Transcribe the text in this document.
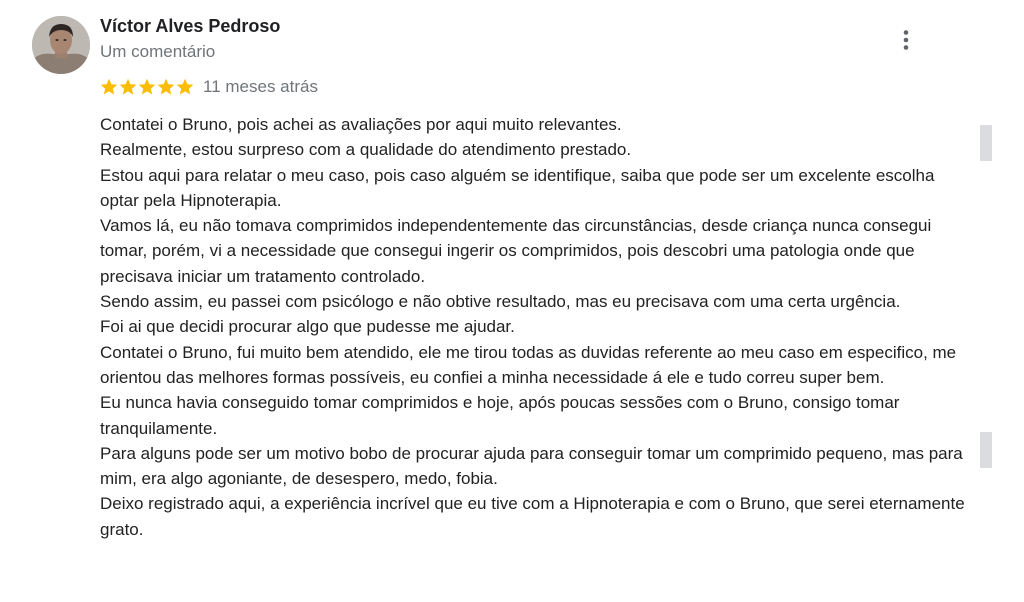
Víctor Alves Pedroso
Um comentário
11 meses atrás
Contatei o Bruno, pois achei as avaliações por aqui muito relevantes.
Realmente, estou surpreso com a qualidade do atendimento prestado.
Estou aqui para relatar o meu caso, pois caso alguém se identifique, saiba que pode ser um excelente escolha optar pela Hipnoterapia.
Vamos lá, eu não tomava comprimidos independentemente das circunstâncias, desde criança nunca consegui tomar, porém, vi a necessidade que consegui ingerir os comprimidos, pois descobri uma patologia onde que precisava iniciar um tratamento controlado.
Sendo assim, eu passei com psicólogo e não obtive resultado, mas eu precisava com uma certa urgência.
Foi ai que decidi procurar algo que pudesse me ajudar.
Contatei o Bruno, fui muito bem atendido, ele me tirou todas as duvidas referente ao meu caso em especifico, me orientou das melhores formas possíveis, eu confiei a minha necessidade á ele e tudo correu super bem.
Eu nunca havia conseguido tomar comprimidos e hoje, após poucas sessões com o Bruno, consigo tomar tranquilamente.
Para alguns pode ser um motivo bobo de procurar ajuda para conseguir tomar um comprimido pequeno, mas para mim, era algo agoniante, de desespero, medo, fobia.
Deixo registrado aqui, a experiência incrível que eu tive com a Hipnoterapia e com o Bruno, que serei eternamente grato.
